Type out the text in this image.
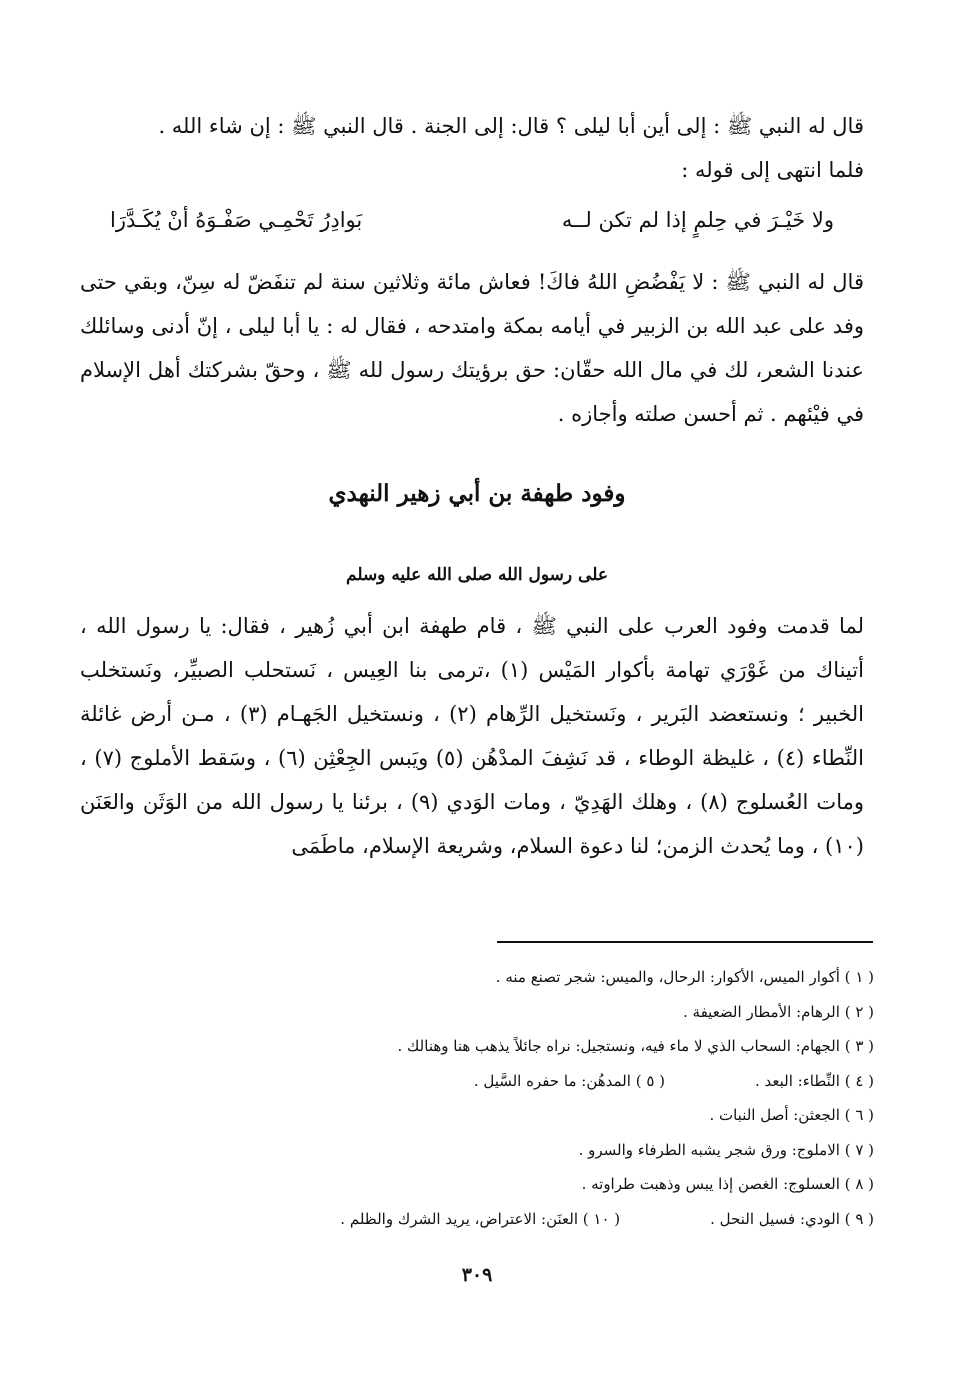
قال له النبي ﷺ : إلى أين أبا ليلى ؟ قال: إلى الجنة . قال النبي ﷺ : إن شاء الله .

فلما انتهى إلى قوله :

ولا خَيْـرَ في حِلمٍ إذا لم تكن لــه
بَوادِرُ تَحْمِـي صَفْـوَهُ أنْ يُكَـدَّرَا

قال له النبي ﷺ : لا يَفْضُضِ اللهُ فاكَ! فعاش مائة وثلاثين سنة لم تنفَضّ له سِنّ، وبقي حتى وفد على عبد الله بن الزبير في أيامه بمكة وامتدحه ، فقال له : يا أبا ليلى ، إنّ أدنى وسائلك عندنا الشعر، لك في مال الله حقّان: حق برؤيتك رسول لله ﷺ ، وحقّ بشركتك أهل الإسلام في فيْئهم . ثم أحسن صلته وأجازه .

وفود طهفة بن أبي زهير النهدي
على رسول الله صلى الله عليه وسلم

لما قدمت وفود العرب على النبي ﷺ ، قام طهفة ابن أبي زُهير ، فقال: يا رسول الله ، أتيناك من غَوْرَي تهامة بأكوار المَيْس (١) ،ترمى بنا العِيس ، نَستحلب الصبيِّر، ونَستخلب الخبير ؛ ونستعضد البَرير ، ونَستخيل الرِّهام (٢) ، ونستخيل الجَهـام (٣) ، مـن أرض غائلة النِّطاء (٤) ، غليظة الوطاء ، قد نَشِفَ المدْهُن (٥) ويَبس الجِعْثِن (٦) ، وسَقط الأملوج (٧) ، ومات العُسلوج (٨) ، وهلك الهَدِيّ ، ومات الوَدي (٩) ، برئنا يا رسول الله من الوَثَن والعَنَن (١٠) ، وما يُحدث الزمن؛ لنا دعوة السلام، وشريعة الإسلام، ماطَمَى

( ١ ) أكوار الميس، الأكوار: الرحال، والميس: شجر تصنع منه .
( ٢ ) الرهام: الأمطار الضعيفة .
( ٣ ) الجهام: السحاب الذي لا ماء فيه، ونستجيل: نراه جائلاً يذهب هنا وهنالك .
( ٤ ) النِّطاء: البعد .
( ٥ ) المدهُن: ما حفره السَّيل .
( ٦ ) الجعثن: أصل النبات .
( ٧ ) الاملوج: ورق شجر يشبه الطرفاء والسرو .
( ٨ ) العسلوج: الغصن إذا يبس وذهبت طراوته .
( ٩ ) الودي: فسيل النحل .
( ١٠ ) العنَن: الاعتراض، يريد الشرك والظلم .
٣٠٩
